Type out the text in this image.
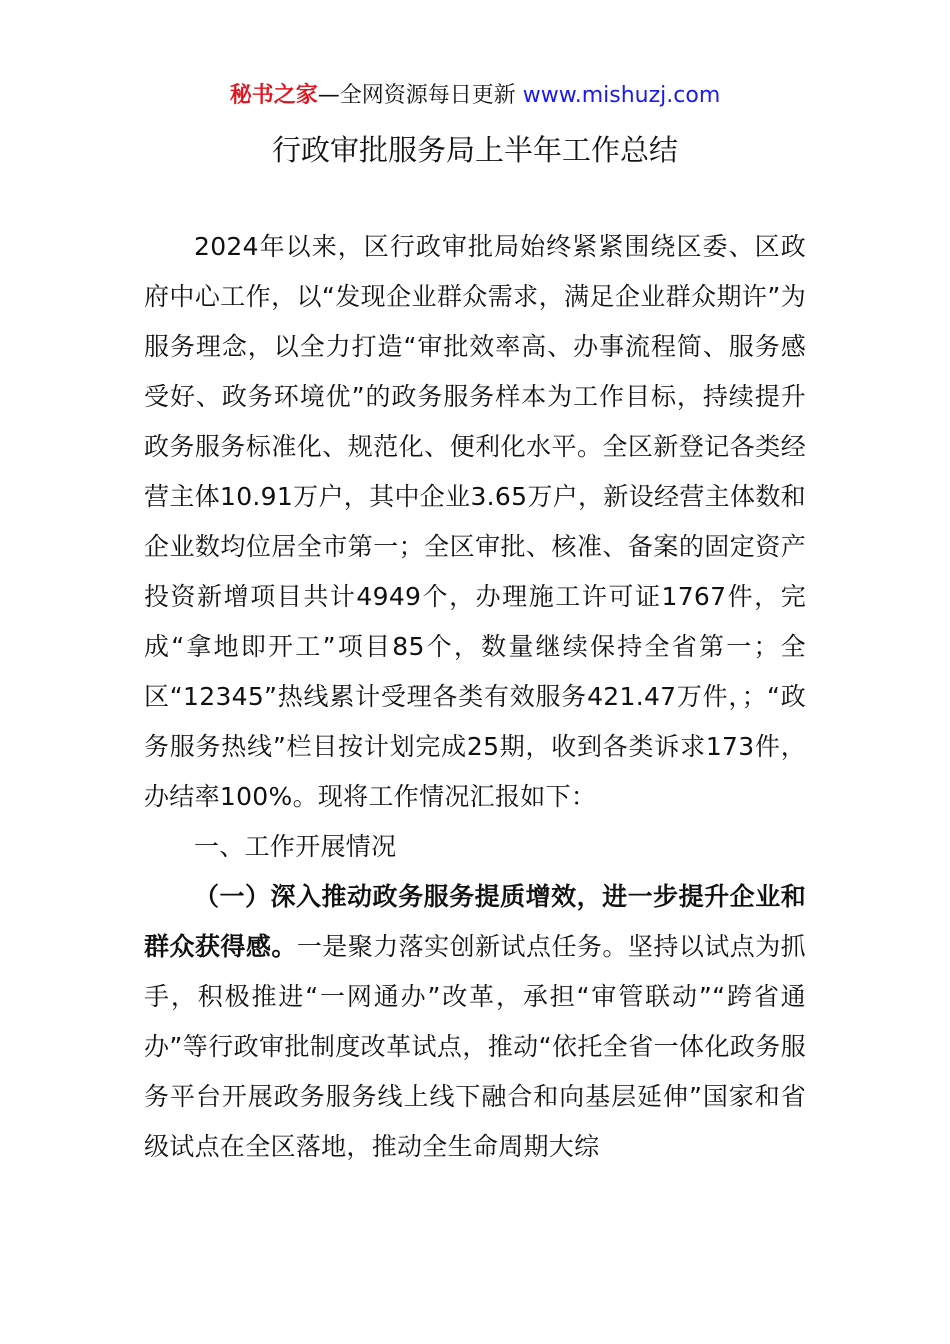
秘书之家—全网资源每日更新 www.mishuzj.com
行政审批服务局上半年工作总结

2024年以来，区行政审批局始终紧紧围绕区委、区政府中心工作，以“发现企业群众需求，满足企业群众期许”为服务理念，以全力打造“审批效率高、办事流程简、服务感受好、政务环境优”的政务服务样本为工作目标，持续提升政务服务标准化、规范化、便利化水平。全区新登记各类经营主体10.91万户，其中企业3.65万户，新设经营主体数和企业数均位居全市第一；全区审批、核准、备案的固定资产投资新增项目共计4949个，办理施工许可证1767件，完成“拿地即开工”项目85个，数量继续保持全省第一；全区“12345”热线累计受理各类有效服务421.47万件，；“政务服务热线”栏目按计划完成25期，收到各类诉求173件，办结率100%。现将工作情况汇报如下：

一、工作开展情况

（一）深入推动政务服务提质增效，进一步提升企业和群众获得感。一是聚力落实创新试点任务。坚持以试点为抓手，积极推进“一网通办”改革，承担“审管联动”“跨省通办”等行政审批制度改革试点，推动“依托全省一体化政务服务平台开展政务服务线上线下融合和向基层延伸”国家和省级试点在全区落地，推动全生命周期大综
